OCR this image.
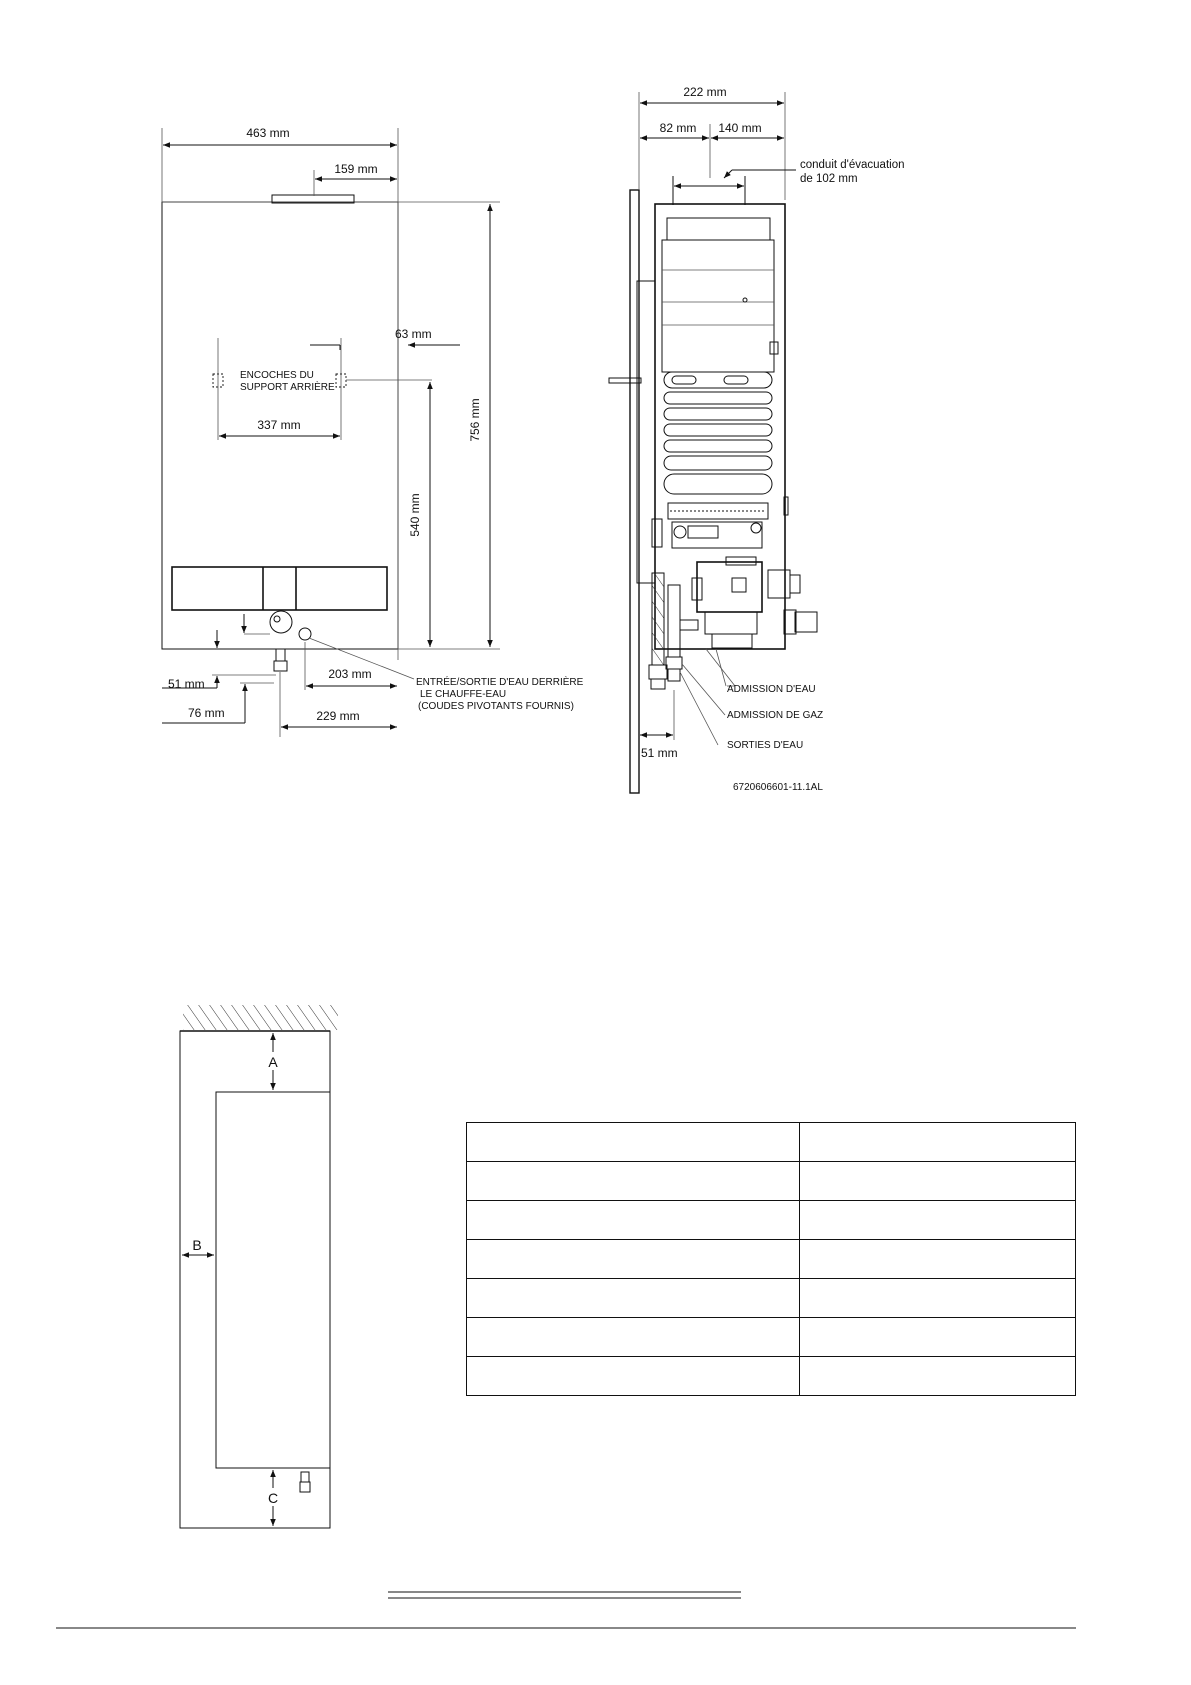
463 mm
159 mm
63 mm
ENCOCHES DU
SUPPORT ARRIÈRE
337 mm
540 mm
756 mm
ENTRÉE/SORTIE D'EAU DERRIÈRE
LE CHAUFFE-EAU
(COUDES PIVOTANTS FOURNIS)
203 mm
229 mm
51 mm
76 mm
222 mm
82 mm 140 mm
conduit d'évacuation
de 102 mm
ADMISSION D'EAU
ADMISSION DE GAZ
SORTIES D'EAU
51 mm
6720606601-11.1AL
A
B
C
